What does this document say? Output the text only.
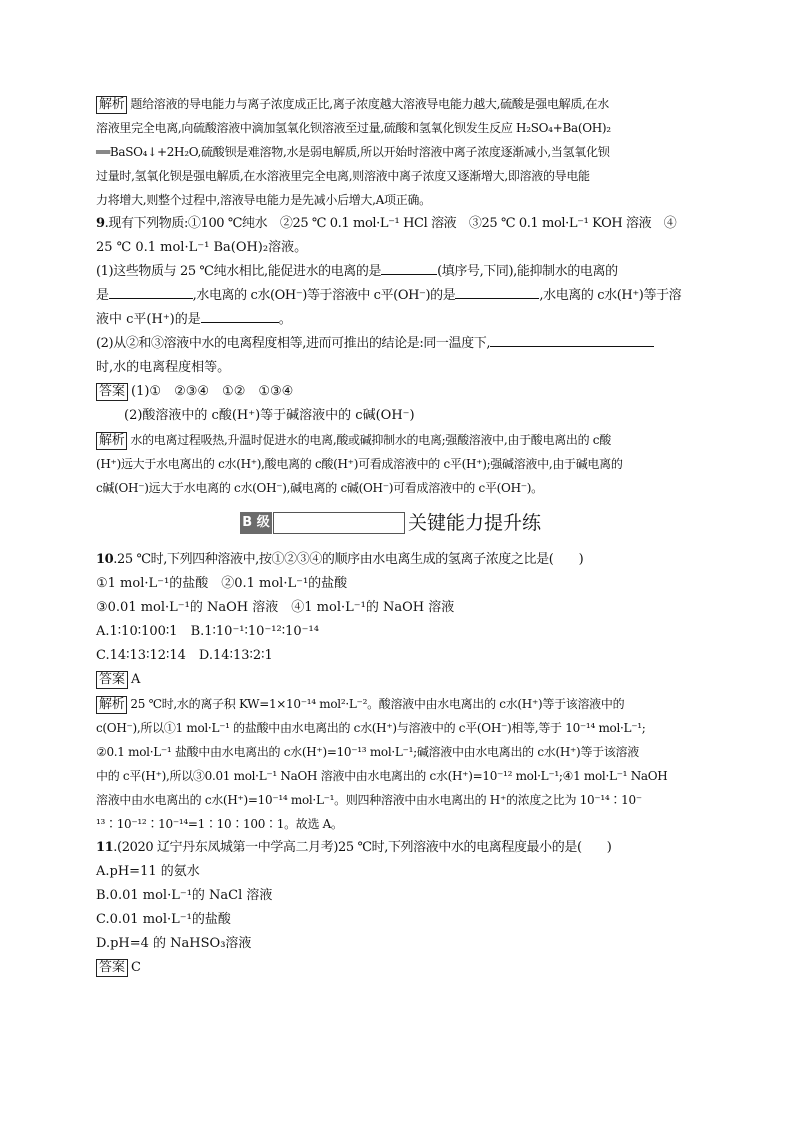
解析 题给溶液的导电能力与离子浓度成正比,离子浓度越大溶液导电能力越大,硫酸是强电解质,在水

溶液里完全电离,向硫酸溶液中滴加氢氧化钡溶液至过量,硫酸和氢氧化钡发生反应 H₂SO₄+Ba(OH)₂

══BaSO₄↓+2H₂O,硫酸钡是难溶物,水是弱电解质,所以开始时溶液中离子浓度逐渐减小,当氢氧化钡

过量时,氢氧化钡是强电解质,在水溶液里完全电离,则溶液中离子浓度又逐渐增大,即溶液的导电能

力将增大,则整个过程中,溶液导电能力是先减小后增大,A项正确。

9.现有下列物质:①100 ℃纯水　②25 ℃ 0.1 mol·L⁻¹ HCl 溶液　③25 ℃ 0.1 mol·L⁻¹ KOH 溶液　④

25 ℃ 0.1 mol·L⁻¹ Ba(OH)₂溶液。

(1)这些物质与 25 ℃纯水相比,能促进水的电离的是	(填序号,下同),能抑制水的电离的

是	,水电离的 c水(OH⁻)等于溶液中 c平(OH⁻)的是	,水电离的 c水(H⁺)等于溶

液中 c平(H⁺)的是	。

(2)从②和③溶液中水的电离程度相等,进而可推出的结论是:同一温度下,

时,水的电离程度相等。

答案 (1)①　②③④　①②　①③④

(2)酸溶液中的 c酸(H⁺)等于碱溶液中的 c碱(OH⁻)

解析 水的电离过程吸热,升温时促进水的电离,酸或碱抑制水的电离;强酸溶液中,由于酸电离出的 c酸

(H⁺)远大于水电离出的 c水(H⁺),酸电离的 c酸(H⁺)可看成溶液中的 c平(H⁺);强碱溶液中,由于碱电离的

c碱(OH⁻)远大于水电离的 c水(OH⁻),碱电离的 c碱(OH⁻)可看成溶液中的 c平(OH⁻)。

B 级	关键能力提升练

10.25 ℃时,下列四种溶液中,按①②③④的顺序由水电离生成的氢离子浓度之比是(　　)

①1 mol·L⁻¹的盐酸　②0.1 mol·L⁻¹的盐酸

③0.01 mol·L⁻¹的 NaOH 溶液　④1 mol·L⁻¹的 NaOH 溶液

A.1∶10∶100∶1　B.1∶10⁻¹∶10⁻¹²∶10⁻¹⁴

C.14∶13∶12∶14　D.14∶13∶2∶1

答案 A

解析 25 ℃时,水的离子积 KW=1×10⁻¹⁴ mol²·L⁻²。酸溶液中由水电离出的 c水(H⁺)等于该溶液中的

c(OH⁻),所以①1 mol·L⁻¹ 的盐酸中由水电离出的 c水(H⁺)与溶液中的 c平(OH⁻)相等,等于 10⁻¹⁴ mol·L⁻¹;

②0.1 mol·L⁻¹ 盐酸中由水电离出的 c水(H⁺)=10⁻¹³ mol·L⁻¹;碱溶液中由水电离出的 c水(H⁺)等于该溶液

中的 c平(H⁺),所以③0.01 mol·L⁻¹ NaOH 溶液中由水电离出的 c水(H⁺)=10⁻¹² mol·L⁻¹;④1 mol·L⁻¹ NaOH

溶液中由水电离出的 c水(H⁺)=10⁻¹⁴ mol·L⁻¹。则四种溶液中由水电离出的 H⁺的浓度之比为 10⁻¹⁴∶10⁻

¹³∶10⁻¹²∶10⁻¹⁴=1∶10∶100∶1。故选 A。

11.(2020 辽宁丹东凤城第一中学高二月考)25 ℃时,下列溶液中水的电离程度最小的是(　　)

A.pH=11 的氨水

B.0.01 mol·L⁻¹的 NaCl 溶液

C.0.01 mol·L⁻¹的盐酸

D.pH=4 的 NaHSO₃溶液

答案 C
